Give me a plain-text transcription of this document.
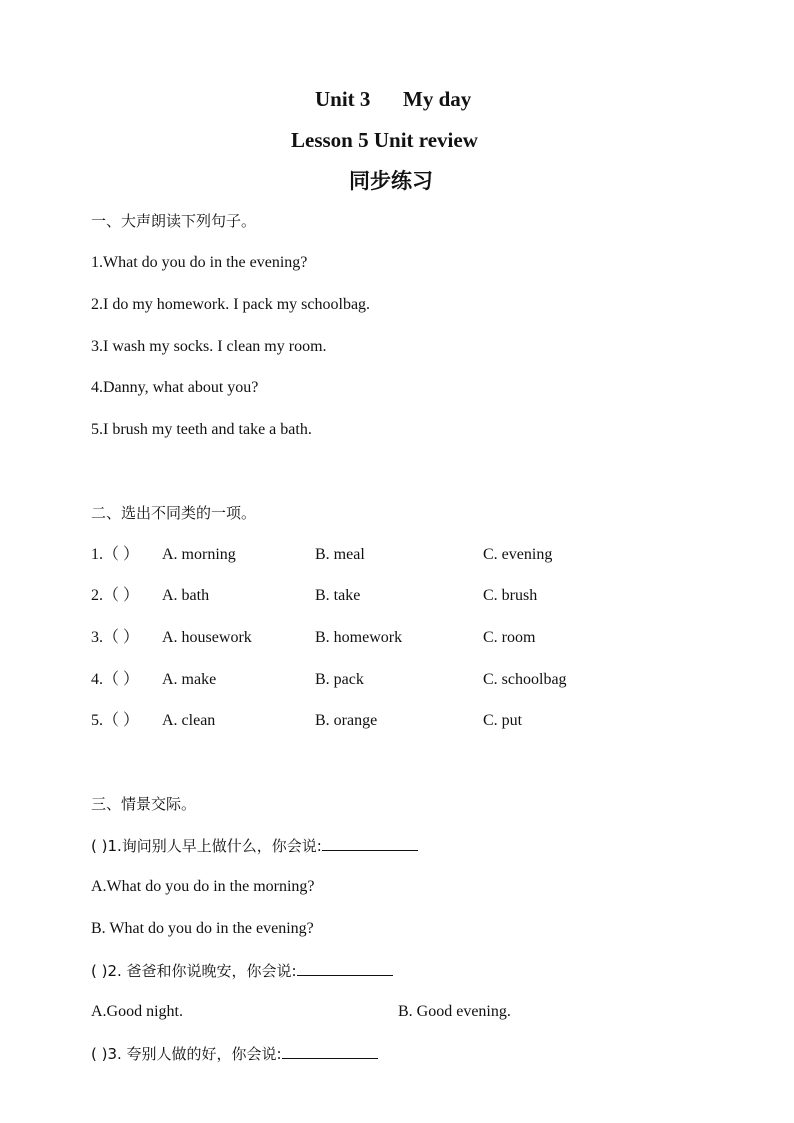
Unit 3 My day
Lesson 5 Unit review
同步练习
一、大声朗读下列句子。
1.What do you do in the evening?
2.I do my homework. I pack my schoolbag.
3.I wash my socks. I clean my room.
4.Danny, what about you?
5.I brush my teeth and take a bath.
二、选出不同类的一项。
1.（ ） A. morning	B. meal	C. evening
2.（ ） A. bath	B. take	C. brush
3.（ ） A. housework	B. homework	C. room
4.（ ） A. make	B. pack	C. schoolbag
5.（ ） A. clean	B. orange	C. put
三、情景交际。
( )1.询问别人早上做什么，你会说:
A.What do you do in the morning?
B. What do you do in the evening?
( )2. 爸爸和你说晚安，你会说:
A.Good night.	B. Good evening.
( )3. 夸别人做的好，你会说:
